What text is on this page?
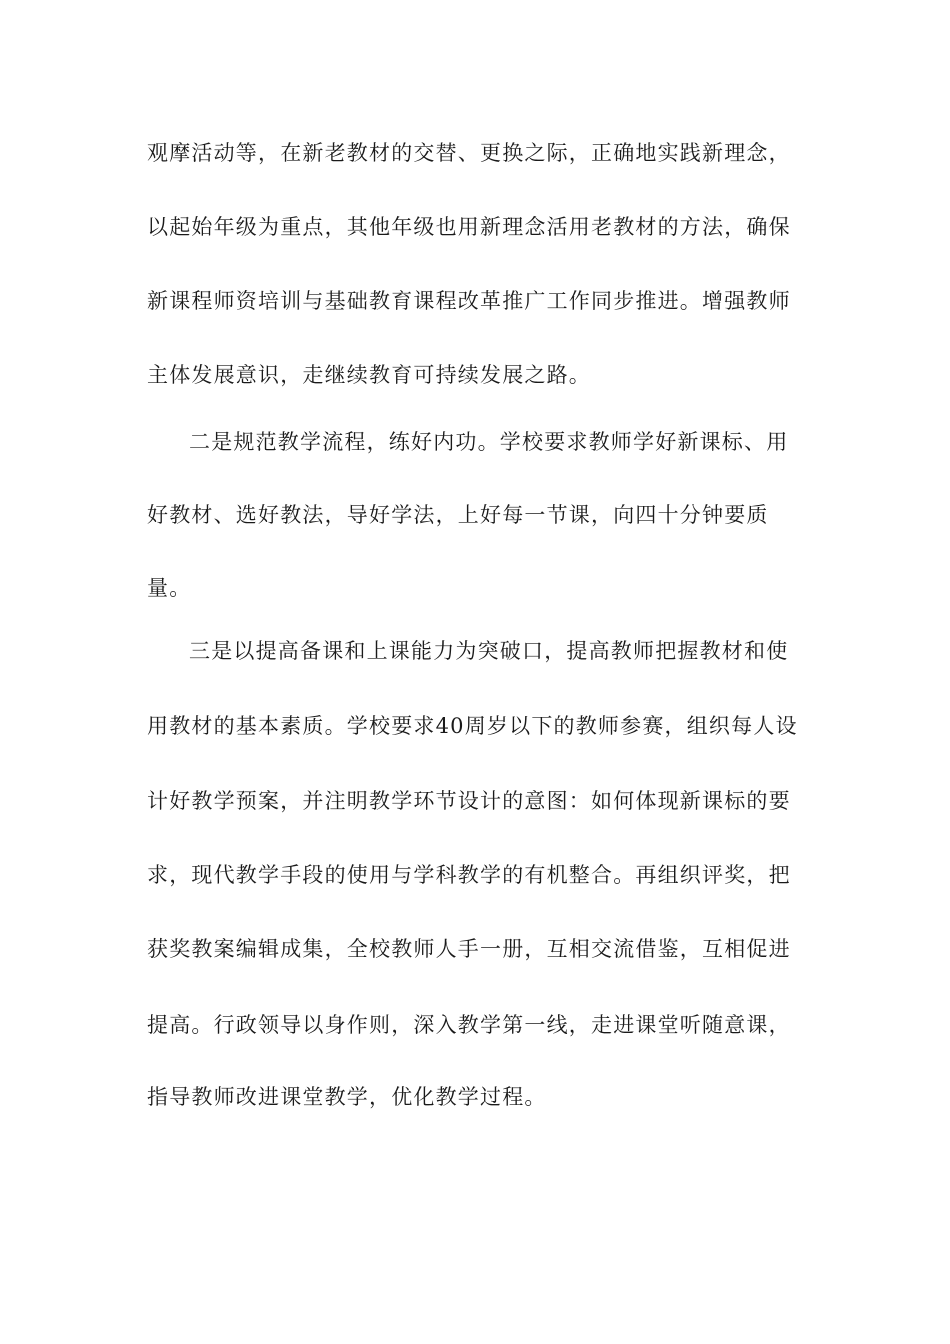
观摩活动等，在新老教材的交替、更换之际，正确地实践新理念，
以起始年级为重点，其他年级也用新理念活用老教材的方法，确保
新课程师资培训与基础教育课程改革推广工作同步推进。增强教师
主体发展意识，走继续教育可持续发展之路。
二是规范教学流程，练好内功。学校要求教师学好新课标、用
好教材、选好教法，导好学法，上好每一节课，向四十分钟要质
量。
三是以提高备课和上课能力为突破口，提高教师把握教材和使
用教材的基本素质。学校要求40周岁以下的教师参赛，组织每人设
计好教学预案，并注明教学环节设计的意图：如何体现新课标的要
求，现代教学手段的使用与学科教学的有机整合。再组织评奖，把
获奖教案编辑成集，全校教师人手一册，互相交流借鉴，互相促进
提高。行政领导以身作则，深入教学第一线，走进课堂听随意课，
指导教师改进课堂教学，优化教学过程。
